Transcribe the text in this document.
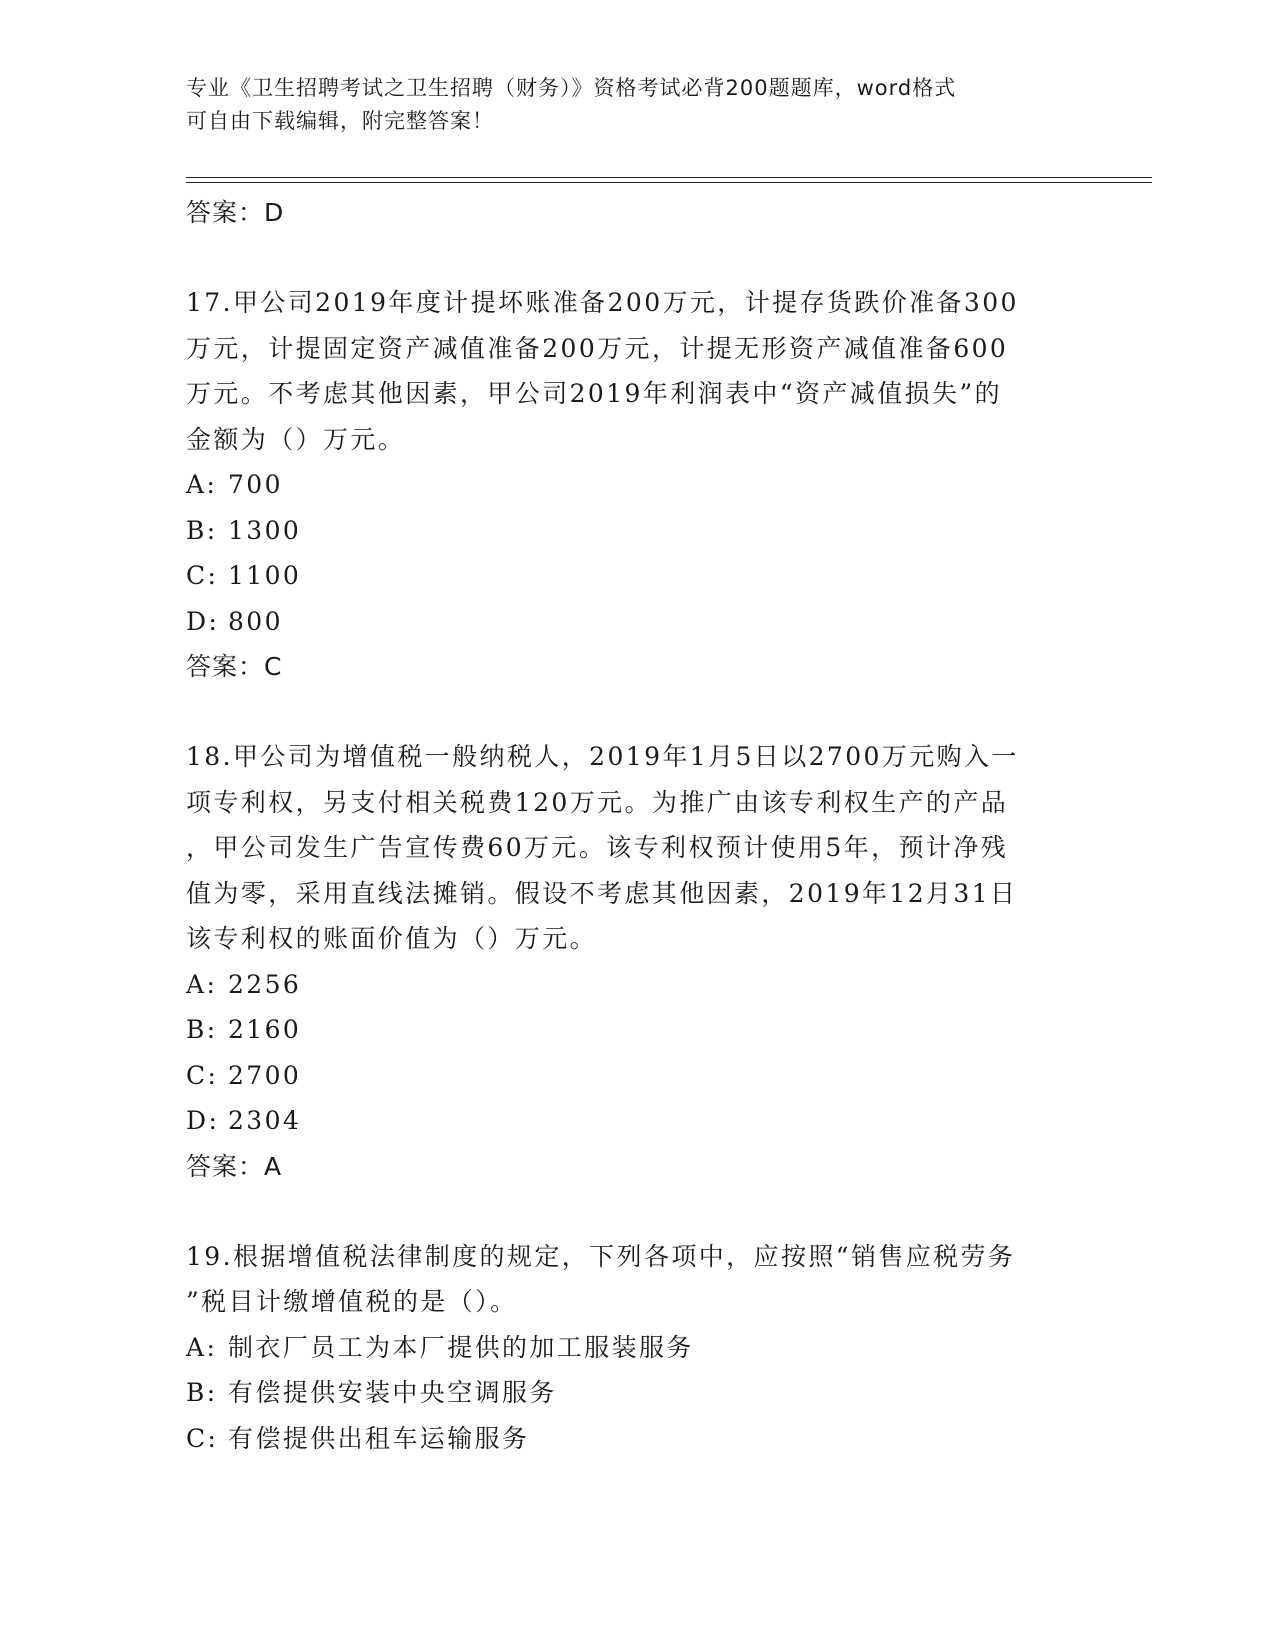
专业《卫生招聘考试之卫生招聘（财务）》资格考试必背200题题库，word格式
可自由下载编辑，附完整答案！
答案：D
17.甲公司2019年度计提坏账准备200万元，计提存货跌价准备300
万元，计提固定资产减值准备200万元，计提无形资产减值准备600
万元。不考虑其他因素，甲公司2019年利润表中“资产减值损失”的
金额为（）万元。
A: 700
B: 1300
C: 1100
D: 800
答案：C
18.甲公司为增值税一般纳税人，2019年1月5日以2700万元购入一
项专利权，另支付相关税费120万元。为推广由该专利权生产的产品
，甲公司发生广告宣传费60万元。该专利权预计使用5年，预计净残
值为零，采用直线法摊销。假设不考虑其他因素，2019年12月31日
该专利权的账面价值为（）万元。
A: 2256
B: 2160
C: 2700
D: 2304
答案：A
19.根据增值税法律制度的规定，下列各项中，应按照“销售应税劳务
”税目计缴增值税的是（）。
A: 制衣厂员工为本厂提供的加工服装服务
B: 有偿提供安装中央空调服务
C: 有偿提供出租车运输服务
